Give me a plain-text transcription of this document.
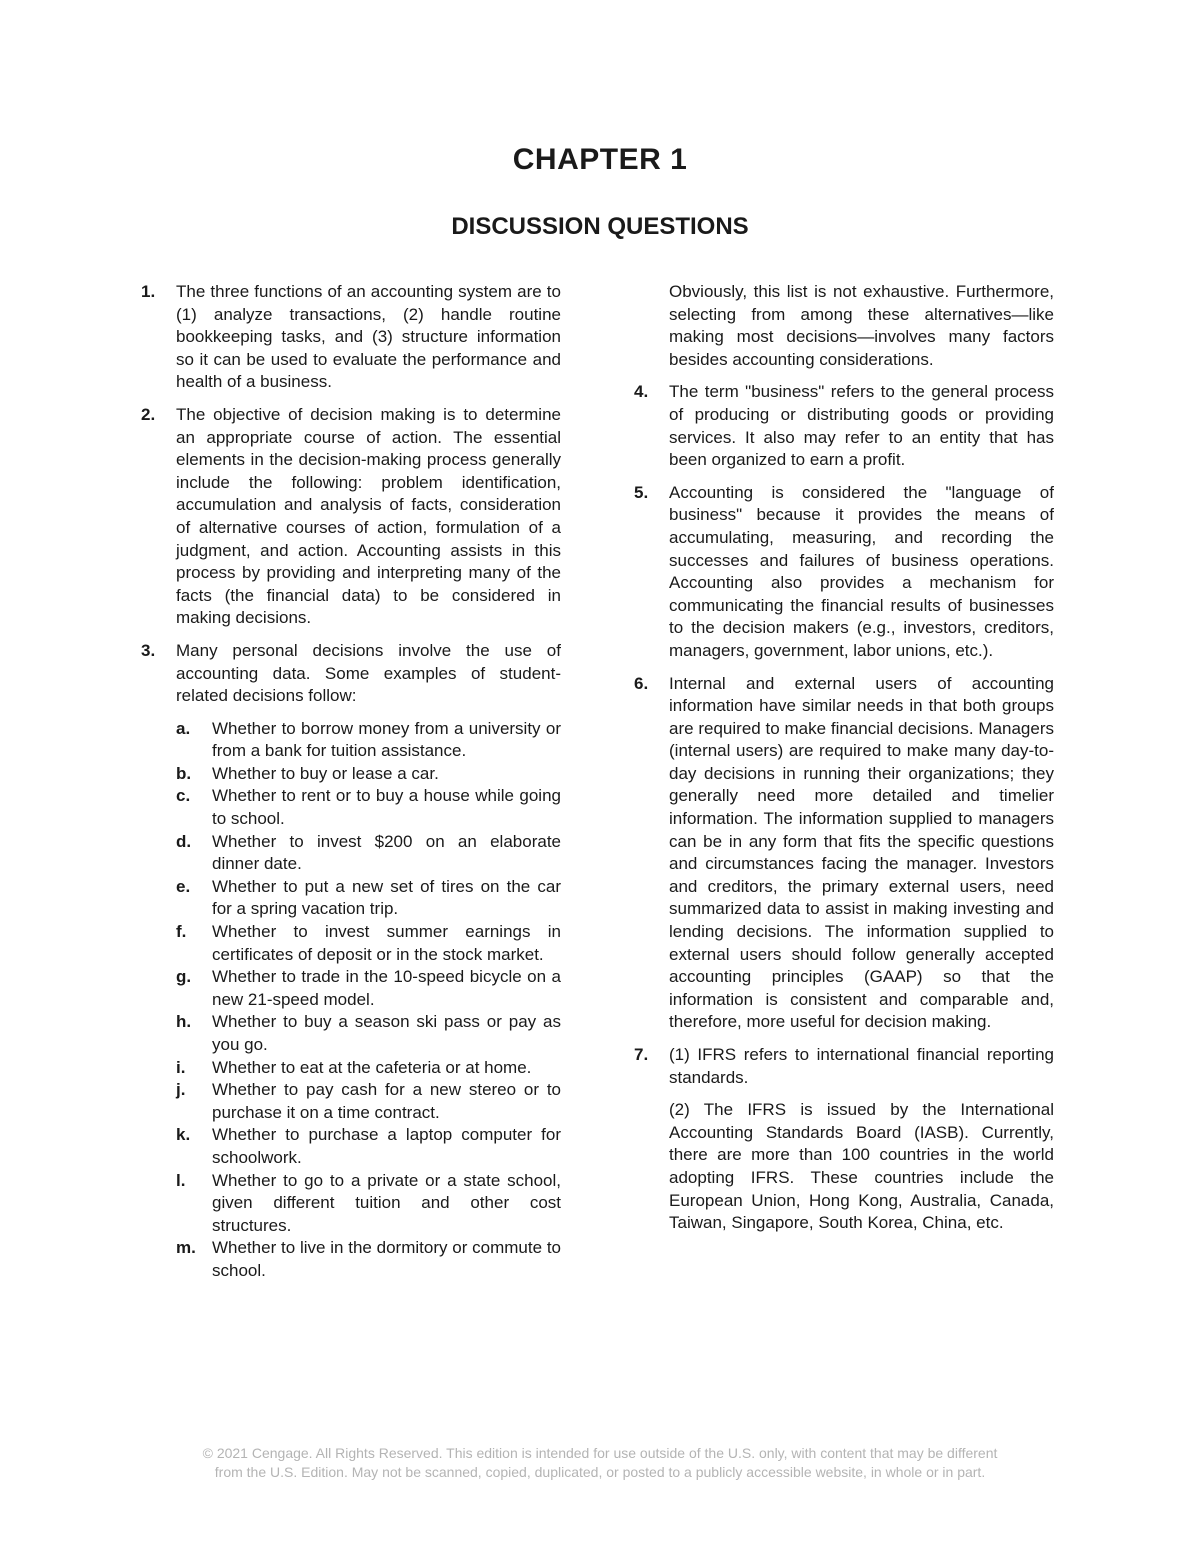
CHAPTER 1
DISCUSSION QUESTIONS
1.	The three functions of an accounting system are to (1) analyze transactions, (2) handle routine bookkeeping tasks, and (3) structure information so it can be used to evaluate the performance and health of a business.
2.	The objective of decision making is to determine an appropriate course of action. The essential elements in the decision-making process generally include the following: problem identification, accumulation and analysis of facts, consideration of alternative courses of action, formulation of a judgment, and action. Accounting assists in this process by providing and interpreting many of the facts (the financial data) to be considered in making decisions.
3.	Many personal decisions involve the use of accounting data. Some examples of student-related decisions follow:
a.	Whether to borrow money from a university or from a bank for tuition assistance.
b.	Whether to buy or lease a car.
c.	Whether to rent or to buy a house while going to school.
d.	Whether to invest $200 on an elaborate dinner date.
e.	Whether to put a new set of tires on the car for a spring vacation trip.
f.	Whether to invest summer earnings in certificates of deposit or in the stock market.
g.	Whether to trade in the 10-speed bicycle on a new 21-speed model.
h.	Whether to buy a season ski pass or pay as you go.
i.	Whether to eat at the cafeteria or at home.
j.	Whether to pay cash for a new stereo or to purchase it on a time contract.
k.	Whether to purchase a laptop computer for schoolwork.
l.	Whether to go to a private or a state school, given different tuition and other cost structures.
m. Whether to live in the dormitory or commute to school.
Obviously, this list is not exhaustive. Furthermore, selecting from among these alternatives—like making most decisions—involves many factors besides accounting considerations.
4.	The term "business" refers to the general process of producing or distributing goods or providing services. It also may refer to an entity that has been organized to earn a profit.
5.	Accounting is considered the "language of business" because it provides the means of accumulating, measuring, and recording the successes and failures of business operations. Accounting also provides a mechanism for communicating the financial results of businesses to the decision makers (e.g., investors, creditors, managers, government, labor unions, etc.).
6.	Internal and external users of accounting information have similar needs in that both groups are required to make financial decisions. Managers (internal users) are required to make many day-to-day decisions in running their organizations; they generally need more detailed and timelier information. The information supplied to managers can be in any form that fits the specific questions and circumstances facing the manager. Investors and creditors, the primary external users, need summarized data to assist in making investing and lending decisions. The information supplied to external users should follow generally accepted accounting principles (GAAP) so that the information is consistent and comparable and, therefore, more useful for decision making.
7.	(1) IFRS refers to international financial reporting standards.
(2) The IFRS is issued by the International Accounting Standards Board (IASB). Currently, there are more than 100 countries in the world adopting IFRS. These countries include the European Union, Hong Kong, Australia, Canada, Taiwan, Singapore, South Korea, China, etc.
© 2021 Cengage. All Rights Reserved. This edition is intended for use outside of the U.S. only, with content that may be different
from the U.S. Edition. May not be scanned, copied, duplicated, or posted to a publicly accessible website, in whole or in part.
